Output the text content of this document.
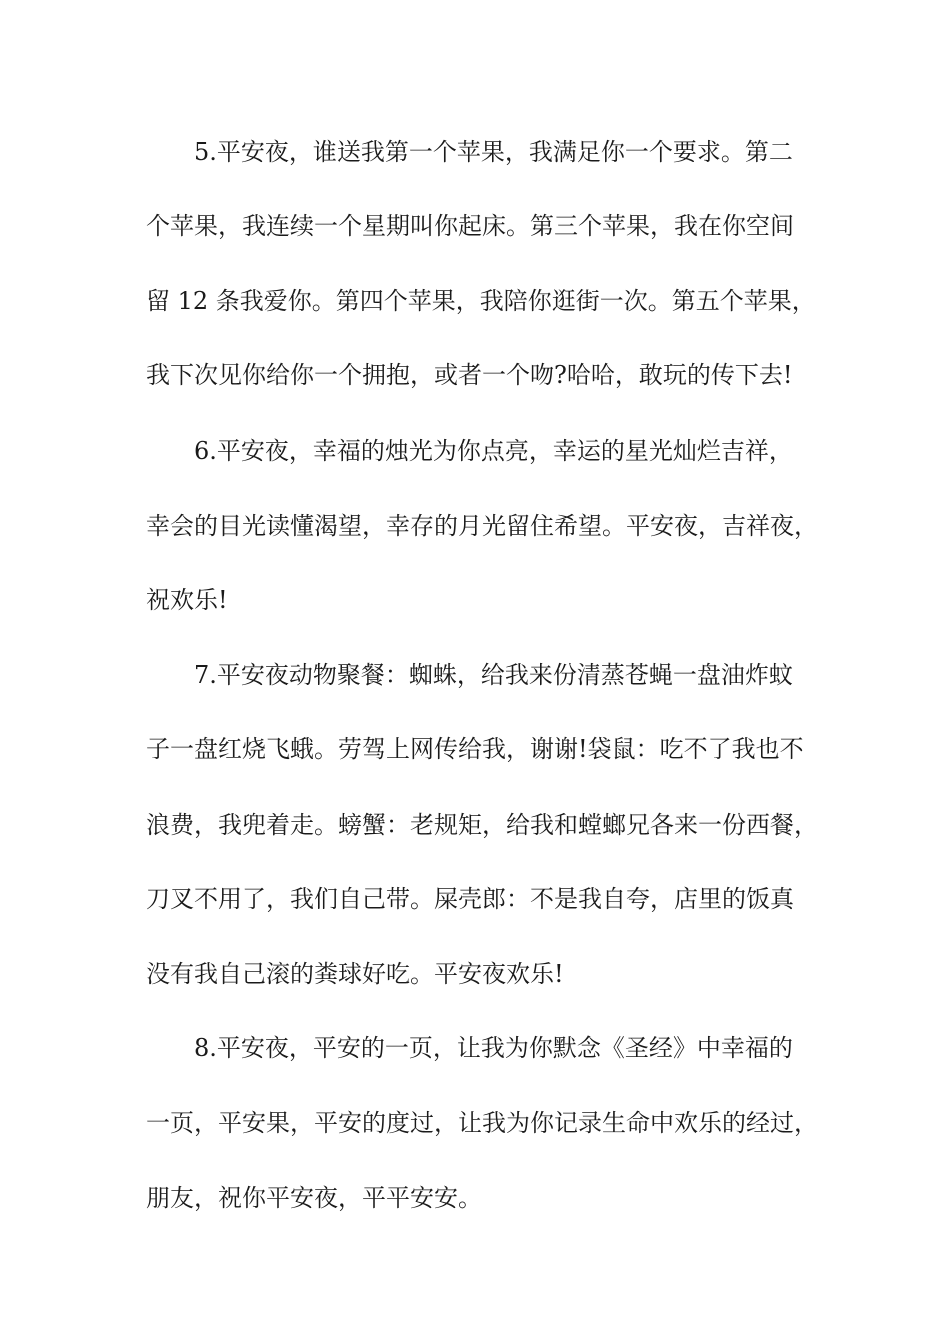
5.平安夜，谁送我第一个苹果，我满足你一个要求。第二
个苹果，我连续一个星期叫你起床。第三个苹果，我在你空间
留 12 条我爱你。第四个苹果，我陪你逛街一次。第五个苹果，
我下次见你给你一个拥抱，或者一个吻?哈哈，敢玩的传下去!
6.平安夜，幸福的烛光为你点亮，幸运的星光灿烂吉祥，
幸会的目光读懂渴望，幸存的月光留住希望。平安夜，吉祥夜，
祝欢乐!
7.平安夜动物聚餐：蜘蛛，给我来份清蒸苍蝇一盘油炸蚊
子一盘红烧飞蛾。劳驾上网传给我，谢谢!袋鼠：吃不了我也不
浪费，我兜着走。螃蟹：老规矩，给我和螳螂兄各来一份西餐，
刀叉不用了，我们自己带。屎壳郎：不是我自夸，店里的饭真
没有我自己滚的粪球好吃。平安夜欢乐!
8.平安夜，平安的一页，让我为你默念《圣经》中幸福的
一页，平安果，平安的度过，让我为你记录生命中欢乐的经过，
朋友，祝你平安夜，平平安安。
